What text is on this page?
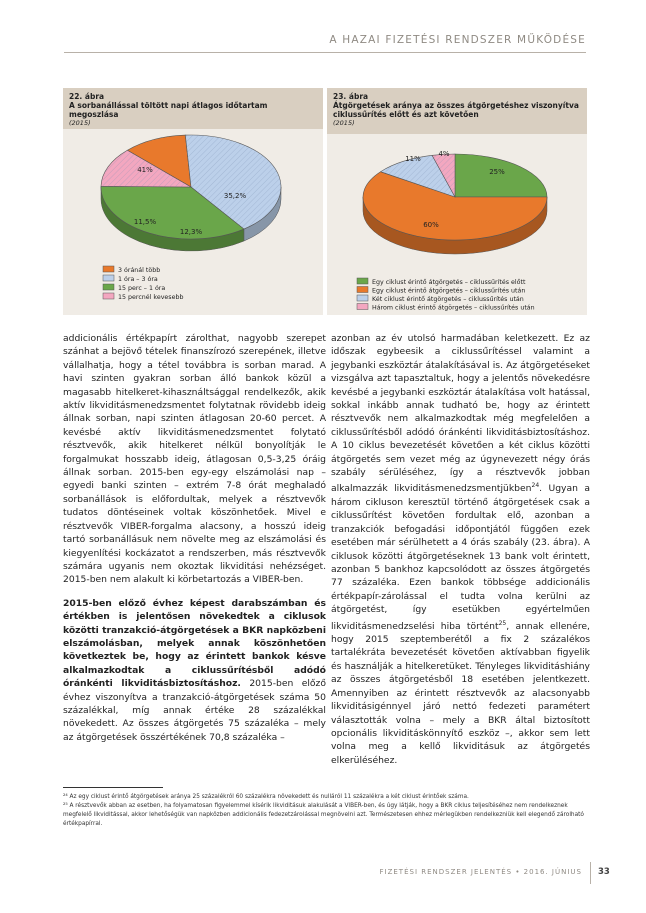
A HAZAI FIZETÉSI RENDSZER MŰKÖDÉSE
22. ábra
A sorbanállással töltött napi átlagos időtartam megoszlása
(2015)
11,5%
41%
35,2%
12,3%
3 óránál több
1 óra – 3 óra
15 perc – 1 óra
15 percnél kevesebb
23. ábra
Átgörgetések aránya az összes átgörgetéshez viszonyítva ciklussűrítés előtt és azt követően
(2015)
25%
60%
11%
4%
Egy ciklust érintő átgörgetés – ciklussűrítés előtt
Egy ciklust érintő átgörgetés – ciklussűrítés után
Két ciklust érintő átgörgetés – ciklussűrítés után
Három ciklust érintő átgörgetés – ciklussűrítés után

addicionális értékpapírt zárolthat, nagyobb szerepet szánhat a bejövő tételek finanszírozó szerepének, illetve vállalhatja, hogy a tétel továbbra is sorban marad. A havi szinten gyakran sorban álló bankok közül a magasabb hitelkeret-kihasználtsággal rendelkezők, akik aktív likviditásmenedzsmentet folytatnak rövidebb ideig állnak sorban, napi szinten átlagosan 20-60 percet. A kevésbé aktív likviditásmenedzsmentet folytató résztvevők, akik hitelkeret nélkül bonyolítják le forgalmukat hosszabb ideig, átlagosan 0,5-3,25 óráig állnak sorban. 2015-ben egy-egy elszámolási nap – egyedi banki szinten – extrém 7-8 órát meghaladó sorbanállások is előfordultak, melyek a résztvevők tudatos döntéseinek voltak köszönhetőek. Mivel e résztvevők VIBER-forgalma alacsony, a hosszú ideig tartó sorbanállásuk nem növelte meg az elszámolási és kiegyenlítési kockázatot a rendszerben, más résztvevők számára ugyanis nem okoztak likviditási nehézséget. 2015-ben nem alakult ki körbetartozás a VIBER-ben.

2015-ben előző évhez képest darabszámban és értékben is jelentősen növekedtek a ciklusok közötti tranzakció-átgörgetések a BKR napközbeni elszámolásban, melyek annak köszönhetően következtek be, hogy az érintett bankok késve alkalmazkodtak a ciklussűrítésből adódó óránkénti likviditásbiztosításhoz. 2015-ben előző évhez viszonyítva a tranzakció-átgörgetések száma 50 százalékkal, míg annak értéke 28 százalékkal növekedett. Az összes átgörgetés 75 százaléka – mely az átgörgetések összértékének 70,8 százaléka –

azonban az év utolsó harmadában keletkezett. Ez az időszak egybeesik a ciklussűrítéssel valamint a jegybanki eszköztár átalakításával is. Az átgörgetéseket vizsgálva azt tapasztaltuk, hogy a jelentős növekedésre kevésbé a jegybanki eszköztár átalakítása volt hatással, sokkal inkább annak tudható be, hogy az érintett résztvevők nem alkalmazkodtak még megfelelően a ciklussűrítésből adódó óránkénti likviditásbiztosításhoz. A 10 ciklus bevezetését követően a két ciklus közötti átgörgetés sem vezet még az úgynevezett négy órás szabály sérüléséhez, így a résztvevők jobban alkalmazzák likviditásmenedzsmentjükben$^{24}$. Ugyan a három cikluson keresztül történő átgörgetések csak a ciklussűrítést követően fordultak elő, azonban a tranzakciók befogadási időpontjától függően ezek esetében már sérülhetett a 4 órás szabály (23. ábra). A ciklusok közötti átgörgetéseknek 13 bank volt érintett, azonban 5 bankhoz kapcsolódott az összes átgörgetés 77 százaléka. Ezen bankok többsége addicionális értékpapír-zárolással el tudta volna kerülni az átgörgetést, így esetükben egyértelműen likviditásmenedzselési hiba történt$^{25}$, annak ellenére, hogy 2015 szeptemberétől a fix 2 százalékos tartalékráta bevezetését követően aktívabban figyelik és használják a hitelkeretüket. Tényleges likviditáshiány az összes átgörgetésből 18 esetében jelentkezett. Amennyiben az érintett résztvevők az alacsonyabb likviditásigénnyel járó nettó fedezeti paramétert választották volna – mely a BKR által biztosított opcionális likviditáskönnyítő eszköz –, akkor sem lett volna meg a kellő likviditásuk az átgörgetés elkerüléséhez.

²⁴ Az egy ciklust érintő átgörgetések aránya 25 százalékról 60 százalékra növekedett és nulláról 11 százalékra a két ciklust érintőek száma.

²⁵ A résztvevők abban az esetben, ha folyamatosan figyelemmel kísérik likviditásuk alakulását a VIBER-ben, és úgy látják, hogy a BKR ciklus teljesítéséhez nem rendelkeznek megfelelő likviditással, akkor lehetőségük van napközben addicionális fedezetzárolással megnövelni azt. Természetesen ehhez mérlegükben rendelkezniük kell elegendő zárolható értékpapírral.

FIZETÉSI RENDSZER JELENTÉS • 2016. JÚNIUS 33
